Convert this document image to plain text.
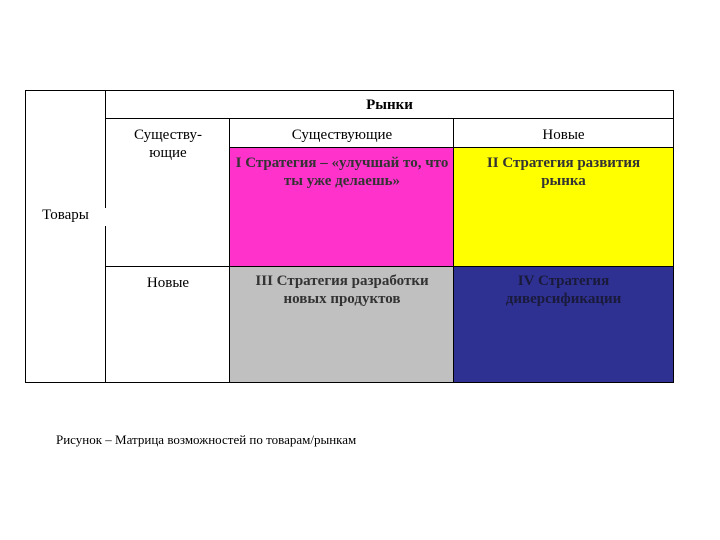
I Стратегия – «улучшай то, что ты уже делаешь»
II Стратегия развития рынка
III Стратегия разработки новых продуктов
IV Стратегия диверсификации
Рынки
Существующие	Новые
Существу-ющие
Новые
Товары
Рисунок – Матрица возможностей по товарам/рынкам
